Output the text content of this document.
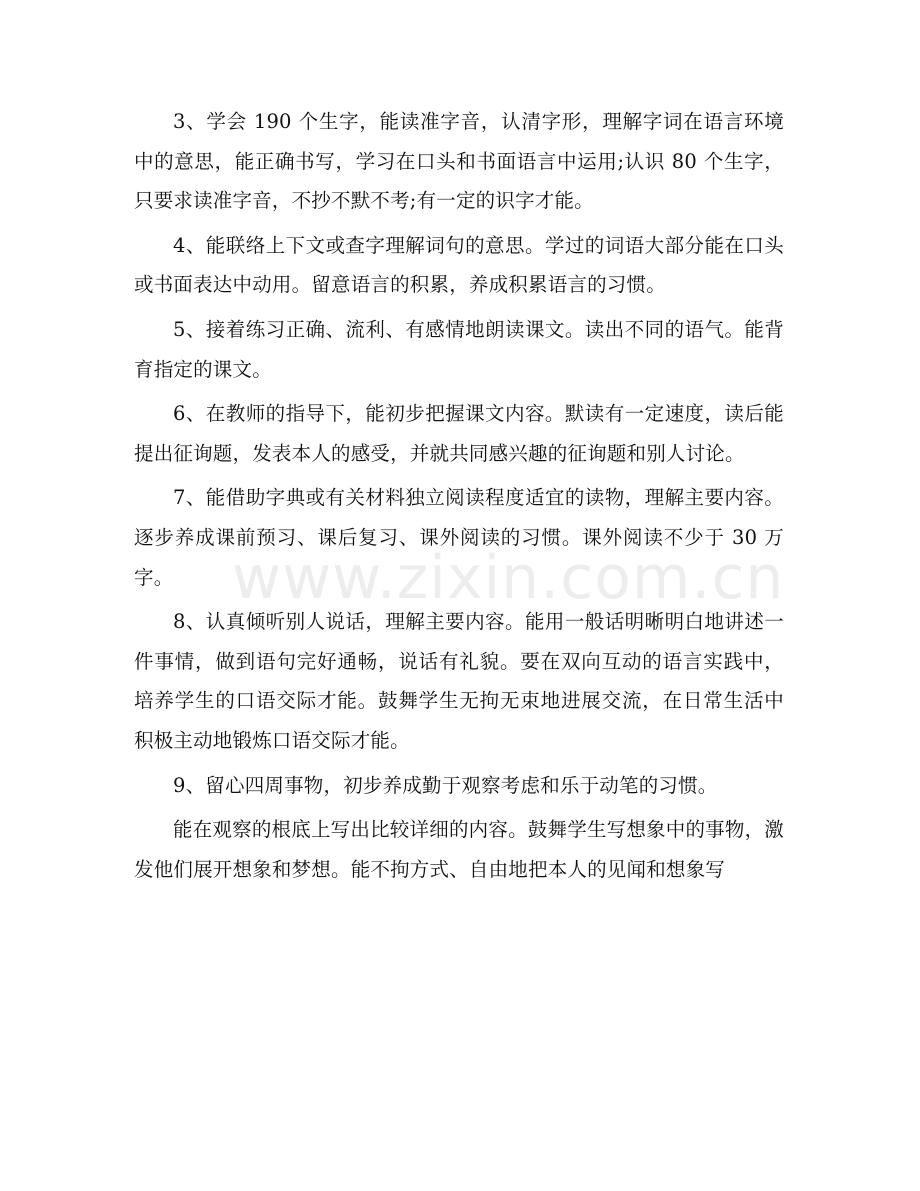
3、学会 190 个生字，能读准字音，认清字形，理解字词在语言环境中的意思，能正确书写，学习在口头和书面语言中运用;认识 80 个生字，只要求读准字音，不抄不默不考;有一定的识字才能。

4、能联络上下文或查字理解词句的意思。学过的词语大部分能在口头或书面表达中动用。留意语言的积累，养成积累语言的习惯。

5、接着练习正确、流利、有感情地朗读课文。读出不同的语气。能背育指定的课文。

6、在教师的指导下，能初步把握课文内容。默读有一定速度，读后能提出征询题，发表本人的感受，并就共同感兴趣的征询题和别人讨论。

7、能借助字典或有关材料独立阅读程度适宜的读物，理解主要内容。逐步养成课前预习、课后复习、课外阅读的习惯。课外阅读不少于 30 万字。

8、认真倾听别人说话，理解主要内容。能用一般话明晰明白地讲述一件事情，做到语句完好通畅，说话有礼貌。要在双向互动的语言实践中，培养学生的口语交际才能。鼓舞学生无拘无束地进展交流，在日常生活中积极主动地锻炼口语交际才能。

9、留心四周事物，初步养成勤于观察考虑和乐于动笔的习惯。

能在观察的根底上写出比较详细的内容。鼓舞学生写想象中的事物，激发他们展开想象和梦想。能不拘方式、自由地把本人的见闻和想象写

www.zixin.com.cn
